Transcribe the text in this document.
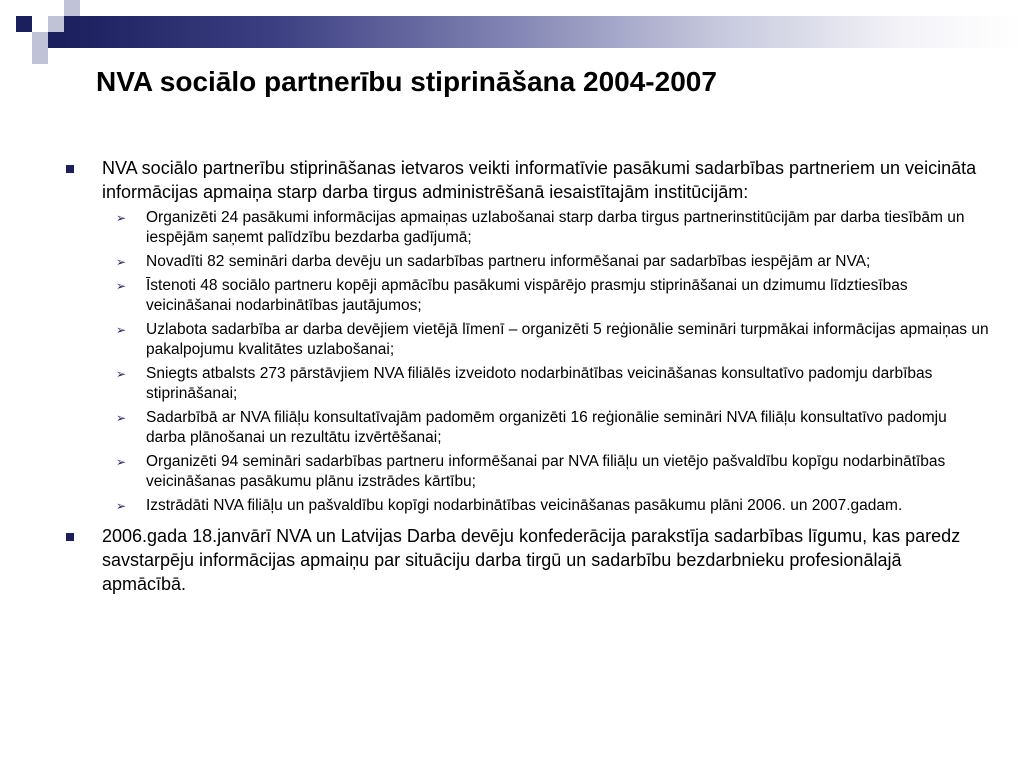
NVA sociālo partnerību stiprināšana 2004-2007
NVA sociālo partnerību stiprināšanas ietvaros veikti informatīvie pasākumi sadarbības partneriem un veicināta informācijas apmaiņa starp darba tirgus administrēšanā iesaistītajām institūcijām:
➢ Organizēti 24 pasākumi informācijas apmaiņas uzlabošanai starp darba tirgus partnerinstitūcijām par darba tiesībām un iespējām saņemt palīdzību bezdarba gadījumā;
➢ Novadīti 82 semināri darba devēju un sadarbības partneru informēšanai par sadarbības iespējām ar NVA;
➢ Īstenoti 48 sociālo partneru kopēji apmācību pasākumi vispārējo prasmju stiprināšanai un dzimumu līdztiesības veicināšanai nodarbinātības jautājumos;
➢ Uzlabota sadarbība ar darba devējiem vietējā līmenī – organizēti 5 reģionālie semināri turpmākai informācijas apmaiņas un pakalpojumu kvalitātes uzlabošanai;
➢ Sniegts atbalsts 273 pārstāvjiem NVA filiālēs izveidoto nodarbinātības veicināšanas konsultatīvo padomju darbības stiprināšanai;
➢ Sadarbībā ar NVA filiāļu konsultatīvajām padomēm organizēti 16 reģionālie semināri NVA filiāļu konsultatīvo padomju darba plānošanai un rezultātu izvērtēšanai;
➢ Organizēti 94 semināri sadarbības partneru informēšanai par NVA filiāļu un vietējo pašvaldību kopīgu nodarbinātības veicināšanas pasākumu plānu izstrādes kārtību;
➢ Izstrādāti NVA filiāļu un pašvaldību kopīgi nodarbinātības veicināšanas pasākumu plāni 2006. un 2007.gadam.
2006.gada 18.janvārī NVA un Latvijas Darba devēju konfederācija parakstīja sadarbības līgumu, kas paredz savstarpēju informācijas apmaiņu par situāciju darba tirgū un sadarbību bezdarbnieku profesionālajā apmācībā.
